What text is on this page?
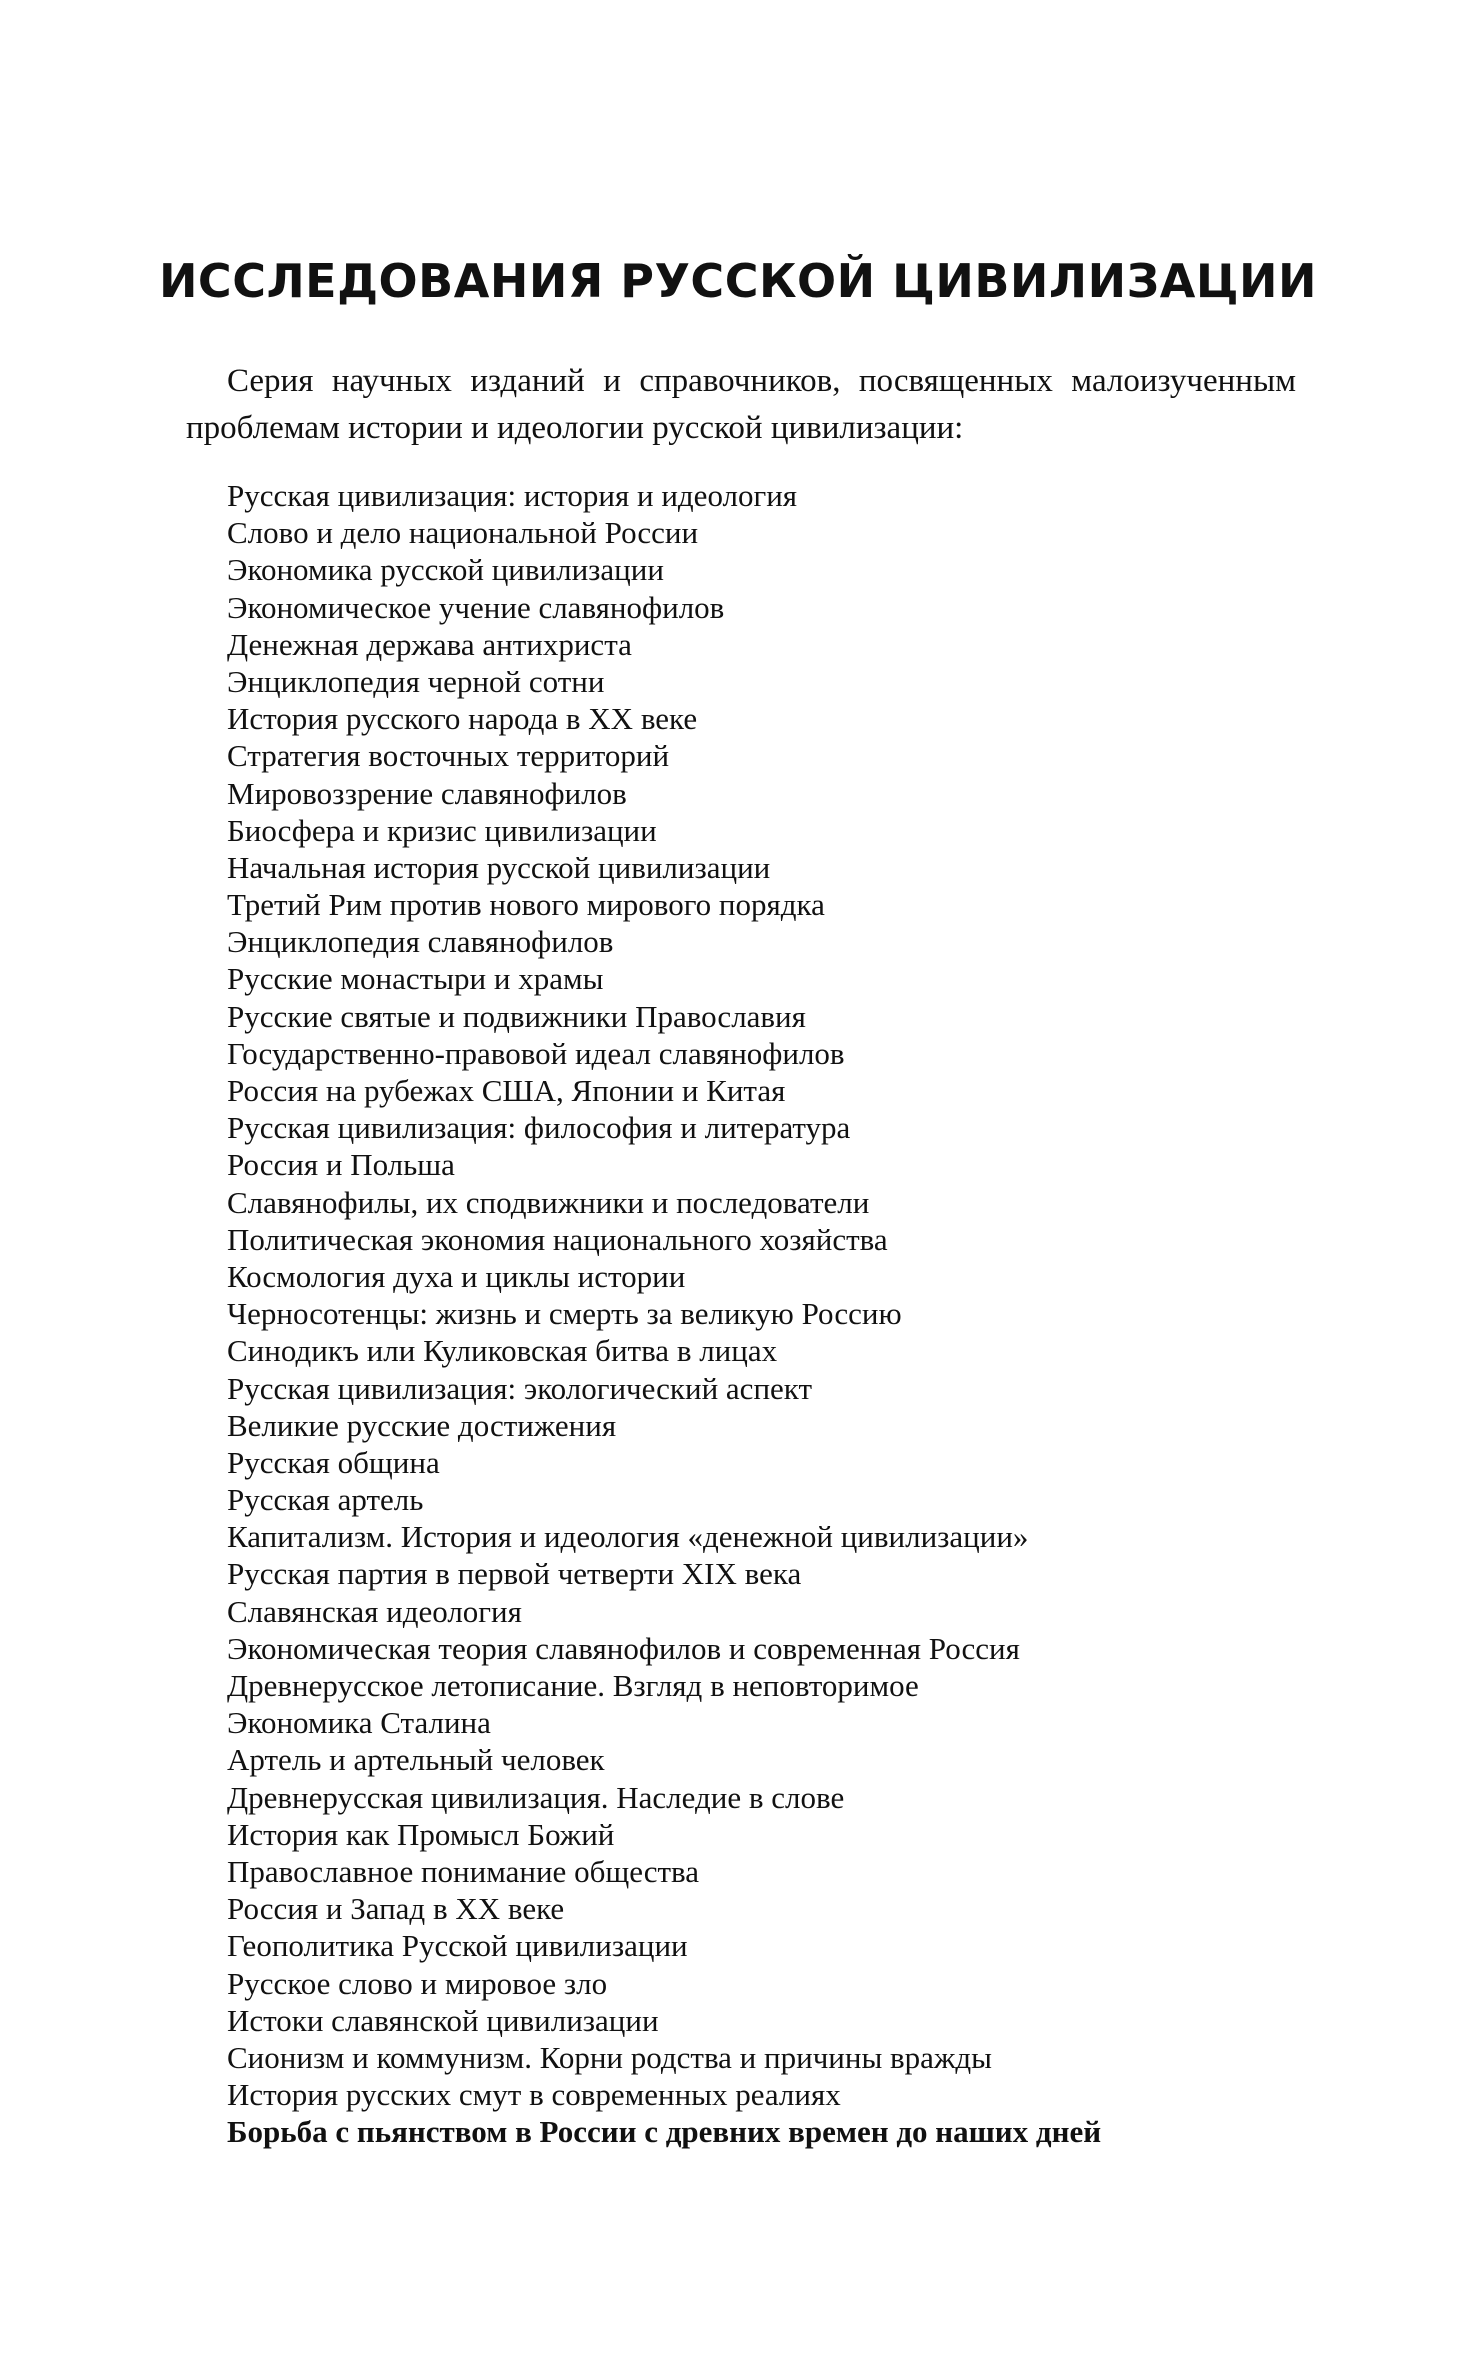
ИССЛЕДОВАНИЯ РУССКОЙ ЦИВИЛИЗАЦИИ

Серия научных изданий и справочников, посвященных малоизученным проблемам истории и идеологии русской цивилизации:

Русская цивилизация: история и идеология
Слово и дело национальной России
Экономика русской цивилизации
Экономическое учение славянофилов
Денежная держава антихриста
Энциклопедия черной сотни
История русского народа в XX веке
Стратегия восточных территорий
Мировоззрение славянофилов
Биосфера и кризис цивилизации
Начальная история русской цивилизации
Третий Рим против нового мирового порядка
Энциклопедия славянофилов
Русские монастыри и храмы
Русские святые и подвижники Православия
Государственно-правовой идеал славянофилов
Россия на рубежах США, Японии и Китая
Русская цивилизация: философия и литература
Россия и Польша
Славянофилы, их сподвижники и последователи
Политическая экономия национального хозяйства
Космология духа и циклы истории
Черносотенцы: жизнь и смерть за великую Россию
Синодикъ или Куликовская битва в лицах
Русская цивилизация: экологический аспект
Великие русские достижения
Русская община
Русская артель
Капитализм. История и идеология «денежной цивилизации»
Русская партия в первой четверти XIX века
Славянская идеология
Экономическая теория славянофилов и современная Россия
Древнерусское летописание. Взгляд в неповторимое
Экономика Сталина
Артель и артельный человек
Древнерусская цивилизация. Наследие в слове
История как Промысл Божий
Православное понимание общества
Россия и Запад в XX веке
Геополитика Русской цивилизации
Русское слово и мировое зло
Истоки славянской цивилизации
Сионизм и коммунизм. Корни родства и причины вражды
История русских смут в современных реалиях
Борьба с пьянством в России с древних времен до наших дней
